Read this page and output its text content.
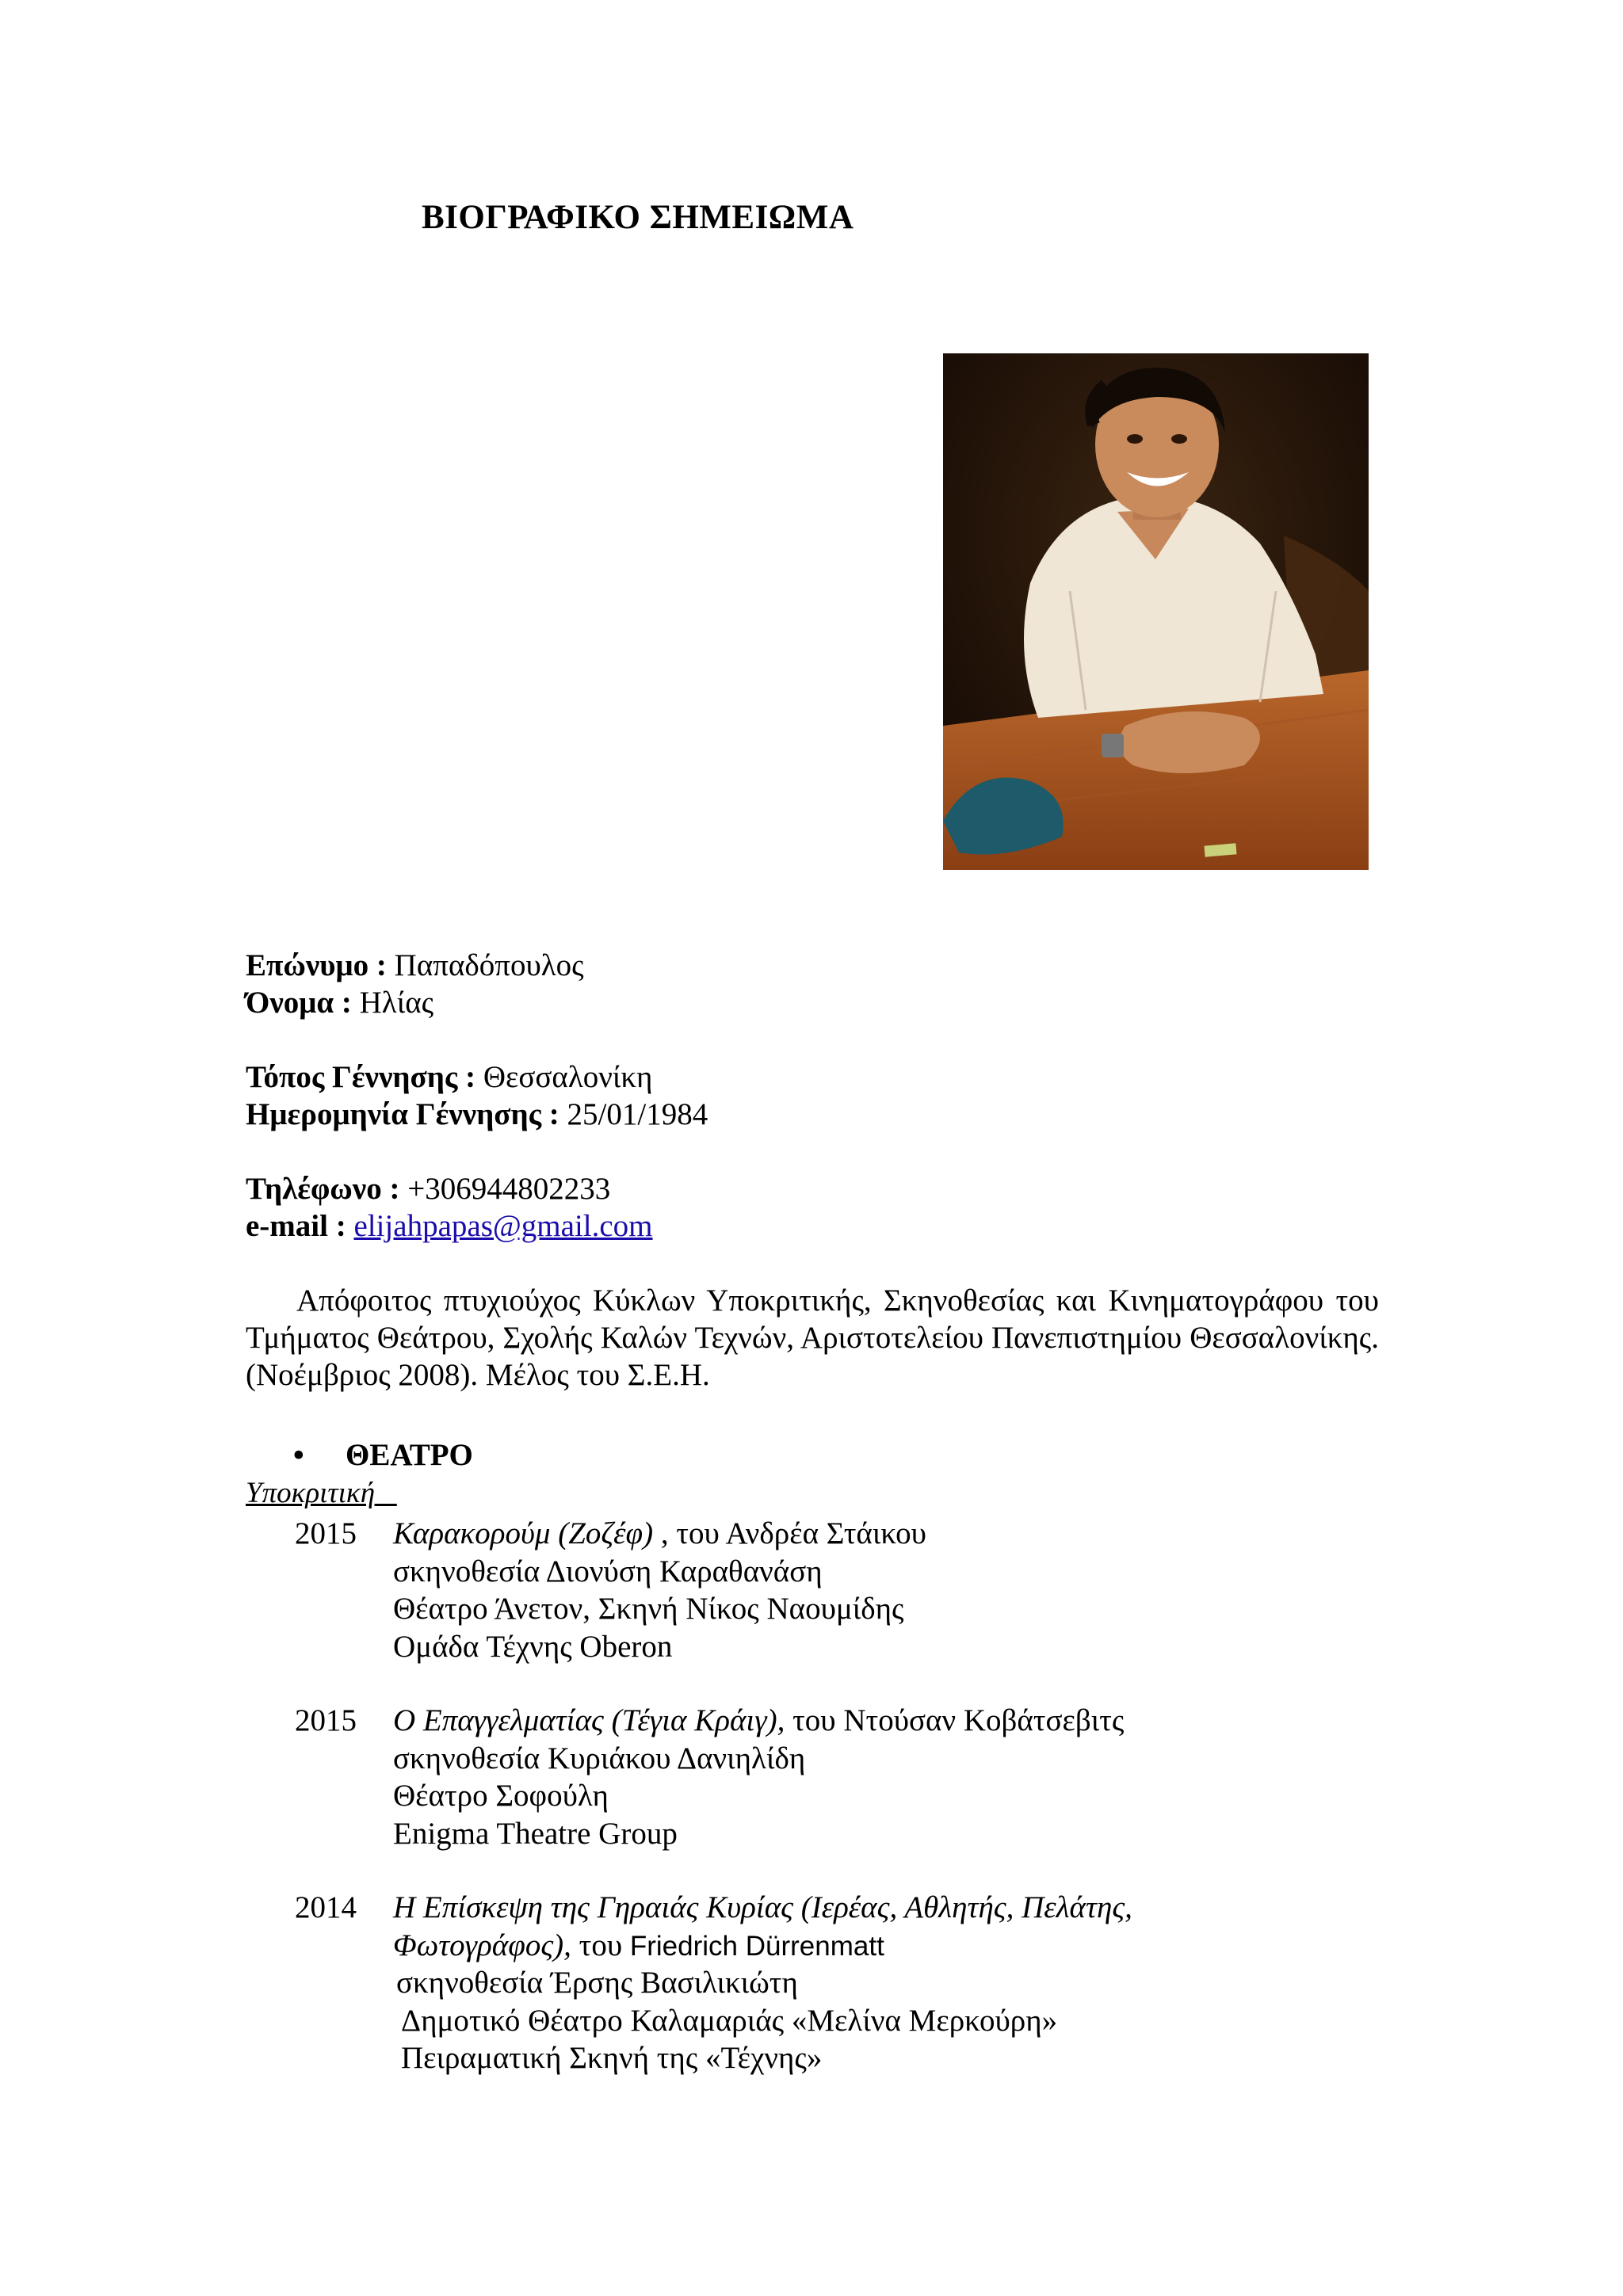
ΒΙΟΓΡΑΦΙΚΟ ΣΗΜΕΙΩΜΑ
Επώνυμο : Παπαδόπουλος
Όνομα : Ηλίας
Τόπος Γέννησης : Θεσσαλονίκη
Ημερομηνία Γέννησης : 25/01/1984
Τηλέφωνο : +306944802233
e-mail : elijahpapas@gmail.com
Απόφοιτος πτυχιούχος Κύκλων Υποκριτικής, Σκηνοθεσίας και Κινηματογράφου του Τμήματος Θεάτρου, Σχολής Καλών Τεχνών, Αριστοτελείου Πανεπιστημίου Θεσσαλονίκης.(Νοέμβριος 2008). Μέλος του Σ.Ε.Η.
• ΘΕΑΤΡΟ
Υποκριτική
2015 Καρακορούμ (Ζοζέφ) , του Ανδρέα Στάικου
σκηνοθεσία Διονύση Καραθανάση
Θέατρο Άνετον, Σκηνή Νίκος Ναουμίδης
Ομάδα Τέχνης Oberon
2015 Ο Επαγγελματίας (Τέγια Κράιγ), του Ντούσαν Κοβάτσεβιτς
σκηνοθεσία Κυριάκου Δανιηλίδη
Θέατρο Σοφούλη
Enigma Theatre Group
2014 Η Επίσκεψη της Γηραιάς Κυρίας (Ιερέας, Αθλητής, Πελάτης,
Φωτογράφος), του Friedrich Dürrenmatt
σκηνοθεσία Έρσης Βασιλικιώτη
Δημοτικό Θέατρο Καλαμαριάς «Μελίνα Μερκούρη»
Πειραματική Σκηνή της «Τέχνης»
